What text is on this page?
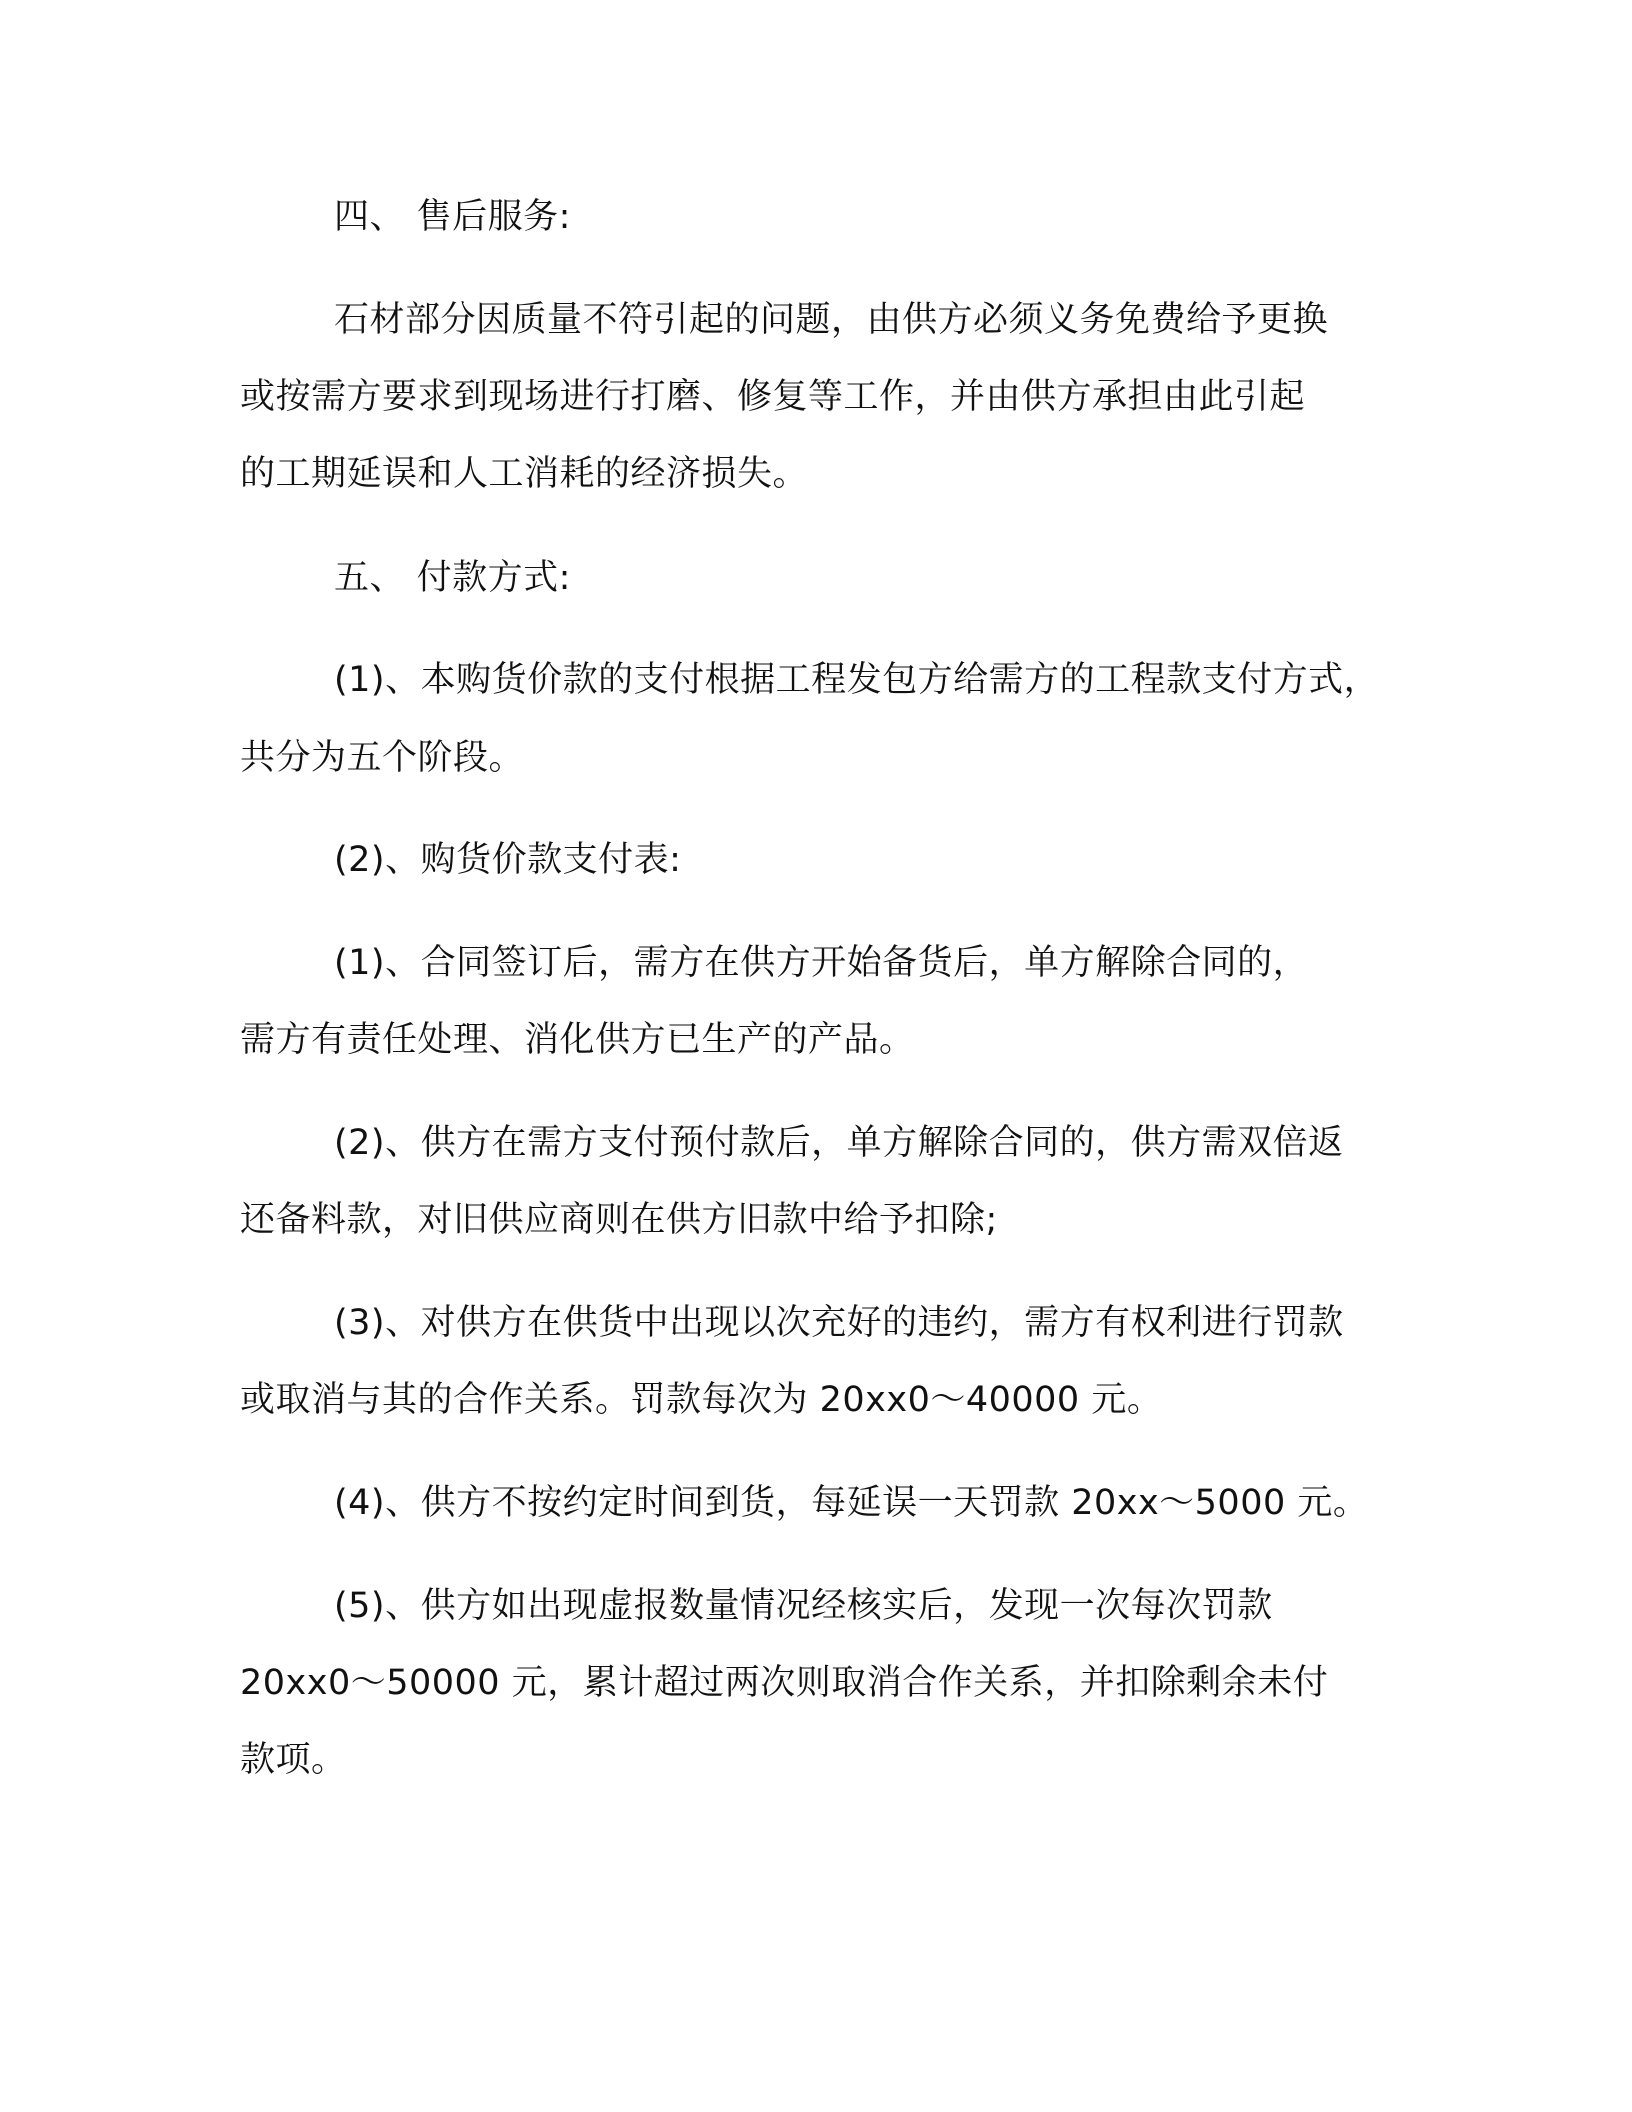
四、 售后服务:
石材部分因质量不符引起的问题，由供方必须义务免费给予更换
或按需方要求到现场进行打磨、修复等工作，并由供方承担由此引起
的工期延误和人工消耗的经济损失。
五、 付款方式:
(1)、本购货价款的支付根据工程发包方给需方的工程款支付方式，
共分为五个阶段。
(2)、购货价款支付表:
(1)、合同签订后，需方在供方开始备货后，单方解除合同的，
需方有责任处理、消化供方已生产的产品。
(2)、供方在需方支付预付款后，单方解除合同的，供方需双倍返
还备料款，对旧供应商则在供方旧款中给予扣除;
(3)、对供方在供货中出现以次充好的违约，需方有权利进行罚款
或取消与其的合作关系。罚款每次为 20xx0～40000 元。
(4)、供方不按约定时间到货，每延误一天罚款 20xx～5000 元。
(5)、供方如出现虚报数量情况经核实后，发现一次每次罚款
20xx0～50000 元，累计超过两次则取消合作关系，并扣除剩余未付
款项。
